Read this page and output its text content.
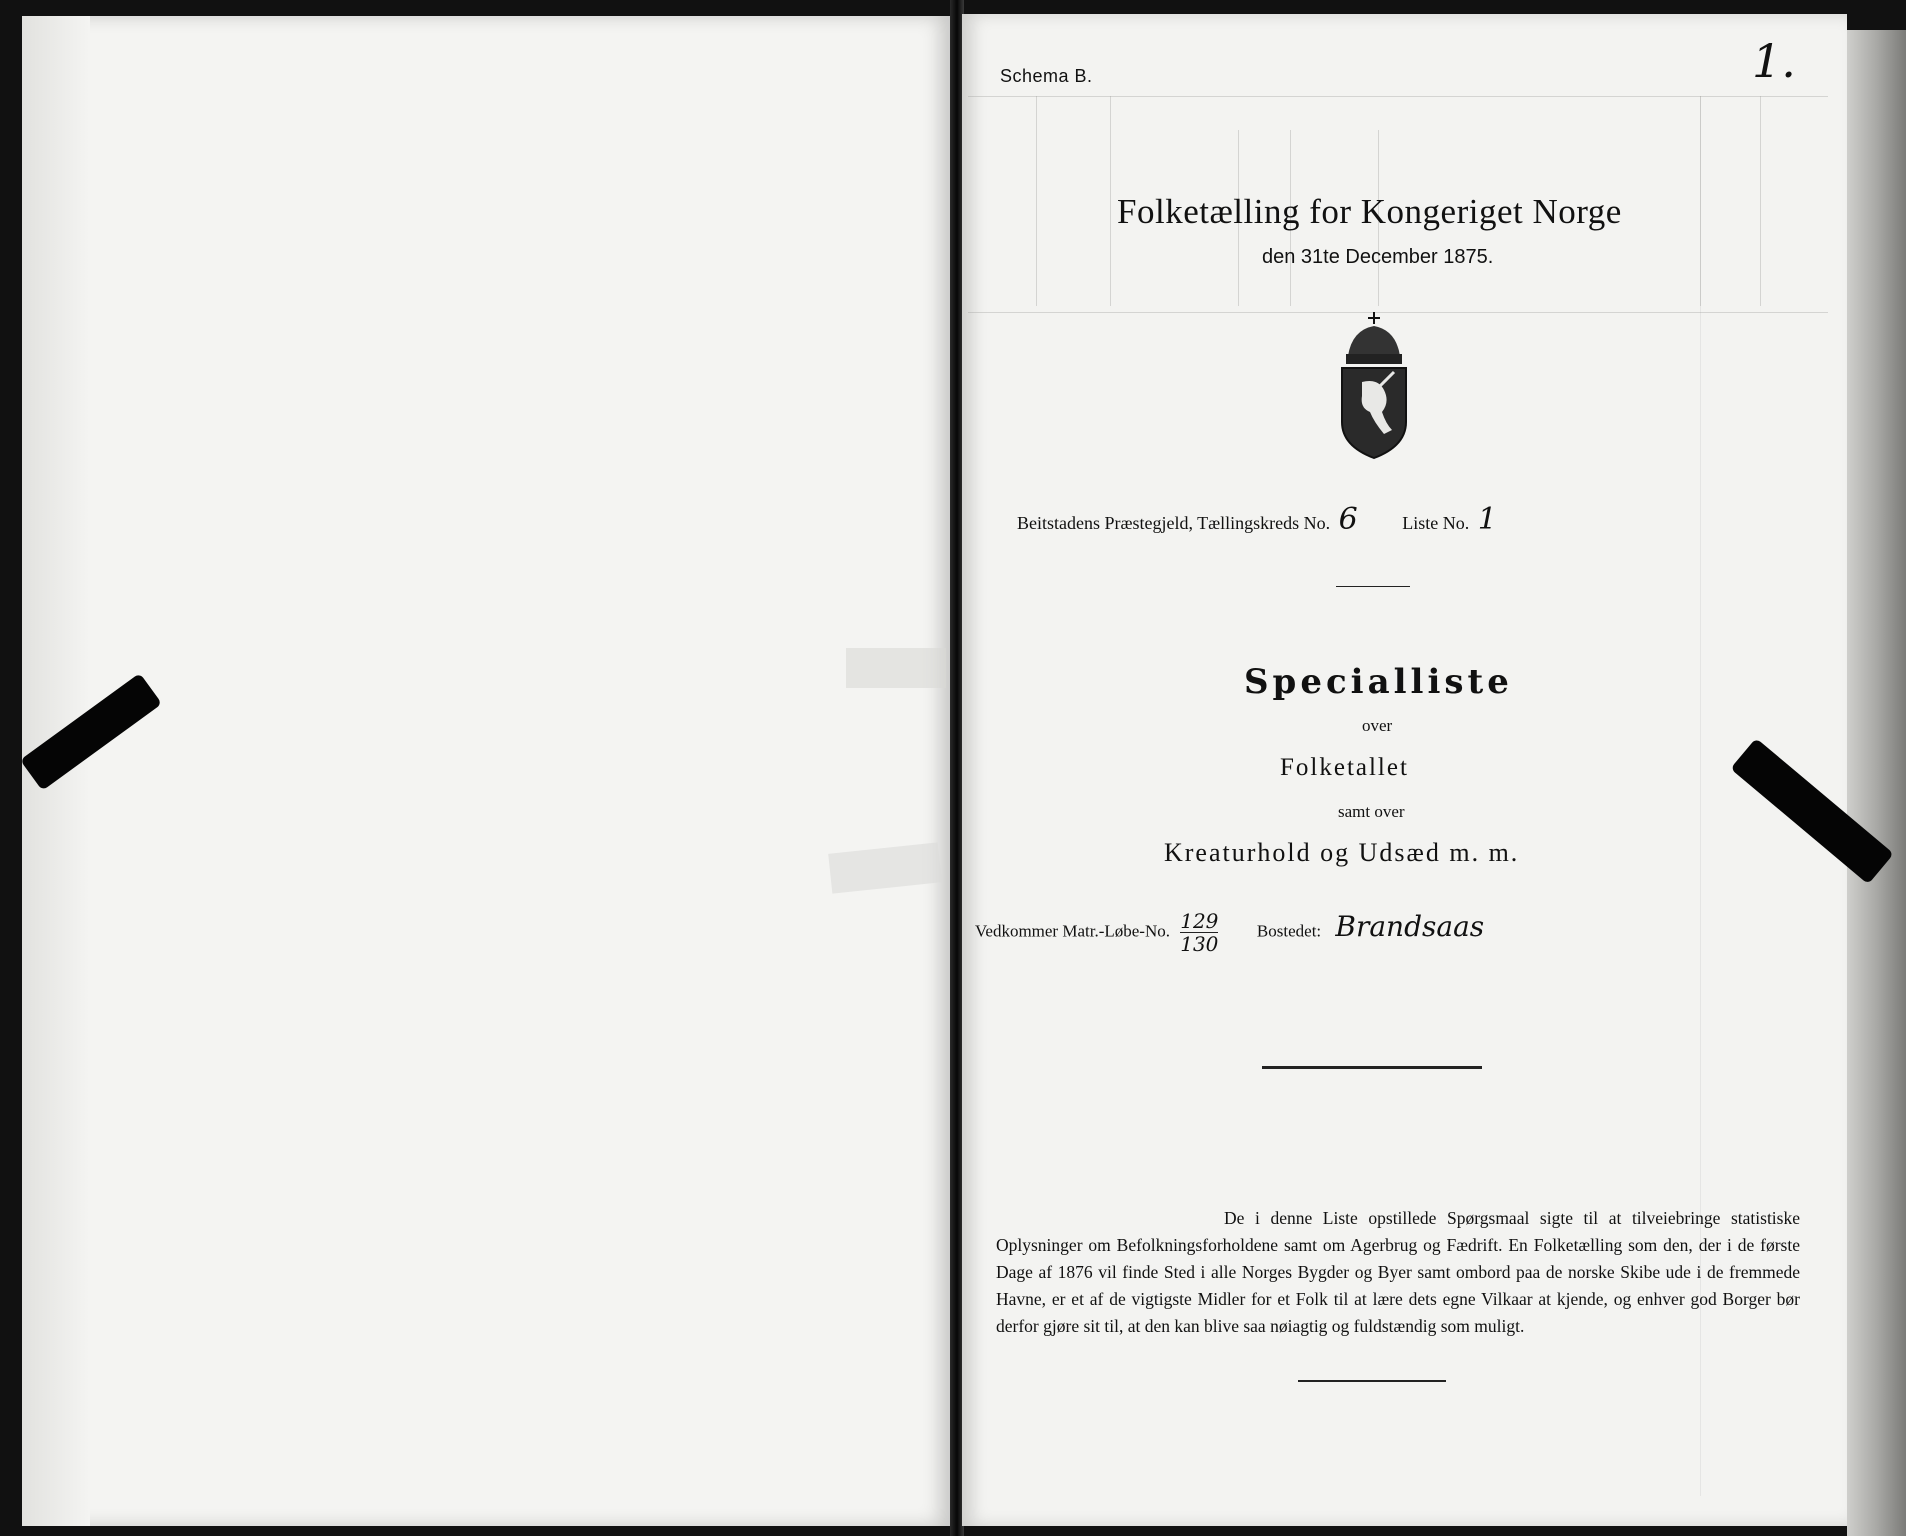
Schema B.	1.
Folketælling for Kongeriget Norge
den 31te December 1875.
Beitstadens Præstegjeld, Tællingskreds No. 6 Liste No. 1
Specialliste
over
Folketallet
samt over
Kreaturhold og Udsæd m. m.
Vedkommer Matr.-Løbe-No. $\frac{129}{130}$ Bostedet: Brandsaas
De i denne Liste opstillede Spørgsmaal sigte til at tilveiebringe statistiske Oplysninger om Befolkningsforholdene samt om Agerbrug og Fædrift. En Folketælling som den, der i de første Dage af 1876 vil finde Sted i alle Norges Bygder og Byer samt ombord paa de norske Skibe ude i de fremmede Havne, er et af de vigtigste Midler for et Folk til at lære dets egne Vilkaar at kjende, og enhver god Borger bør derfor gjøre sit til, at den kan blive saa nøiagtig og fuldstændig som muligt.
